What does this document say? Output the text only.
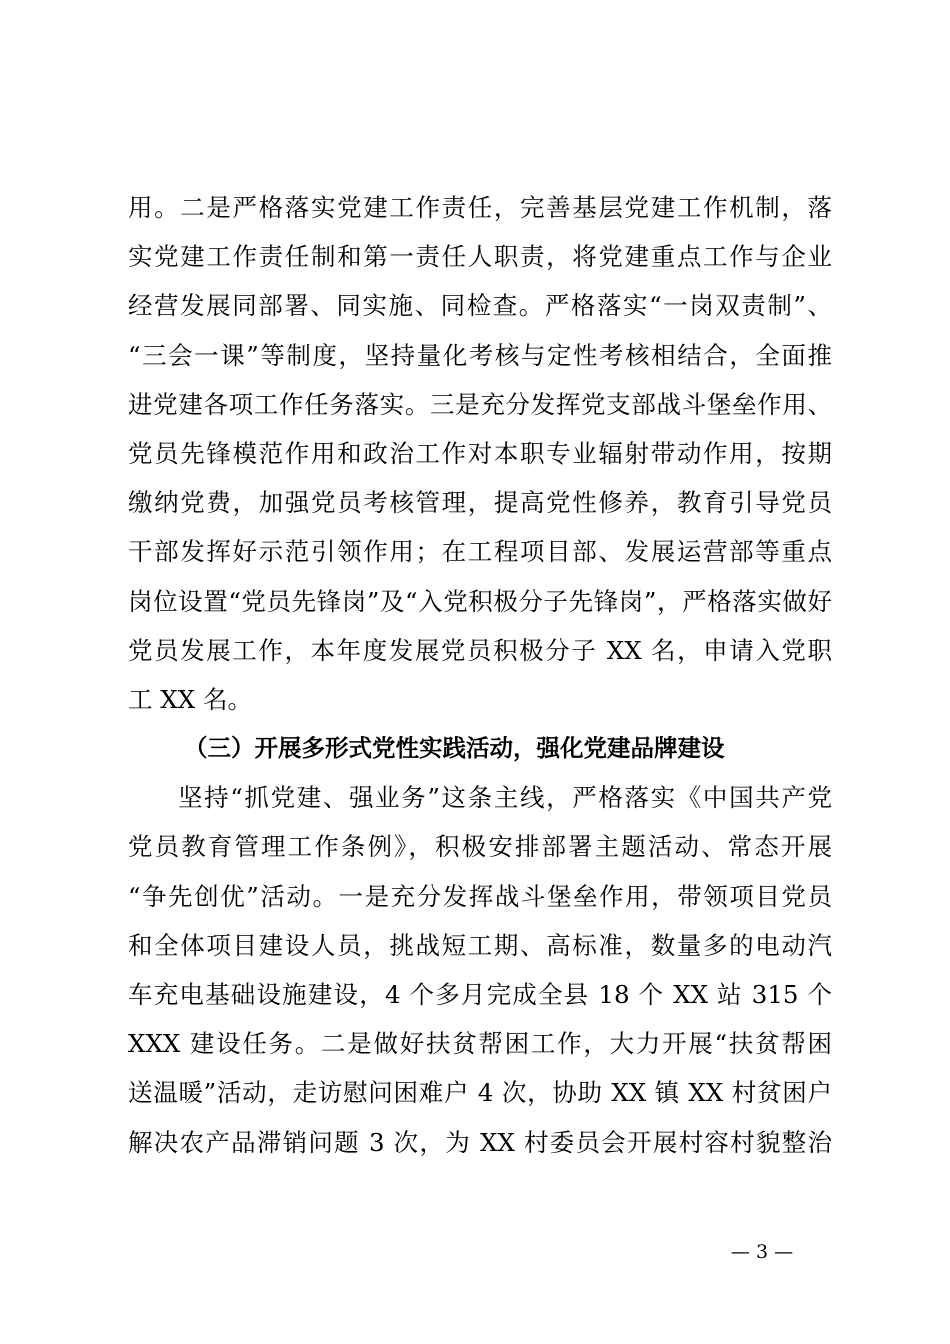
用。二是严格落实党建工作责任，完善基层党建工作机制，落
实党建工作责任制和第一责任人职责，将党建重点工作与企业
经营发展同部署、同实施、同检查。严格落实“一岗双责制”、
“三会一课”等制度，坚持量化考核与定性考核相结合，全面推
进党建各项工作任务落实。三是充分发挥党支部战斗堡垒作用、
党员先锋模范作用和政治工作对本职专业辐射带动作用，按期
缴纳党费，加强党员考核管理，提高党性修养，教育引导党员
干部发挥好示范引领作用；在工程项目部、发展运营部等重点
岗位设置“党员先锋岗”及“入党积极分子先锋岗”，严格落实做好
党员发展工作，本年度发展党员积极分子 XX 名，申请入党职
工 XX 名。
（三）开展多形式党性实践活动，强化党建品牌建设
坚持“抓党建、强业务”这条主线，严格落实《中国共产党
党员教育管理工作条例》，积极安排部署主题活动、常态开展
“争先创优”活动。一是充分发挥战斗堡垒作用，带领项目党员
和全体项目建设人员，挑战短工期、高标准，数量多的电动汽
车充电基础设施建设，4 个多月完成全县 18 个 XX 站 315 个
XXX 建设任务。二是做好扶贫帮困工作，大力开展“扶贫帮困
送温暖”活动，走访慰问困难户 4 次，协助 XX 镇 XX 村贫困户
解决农产品滞销问题 3 次，为 XX 村委员会开展村容村貌整治
— 3 —
